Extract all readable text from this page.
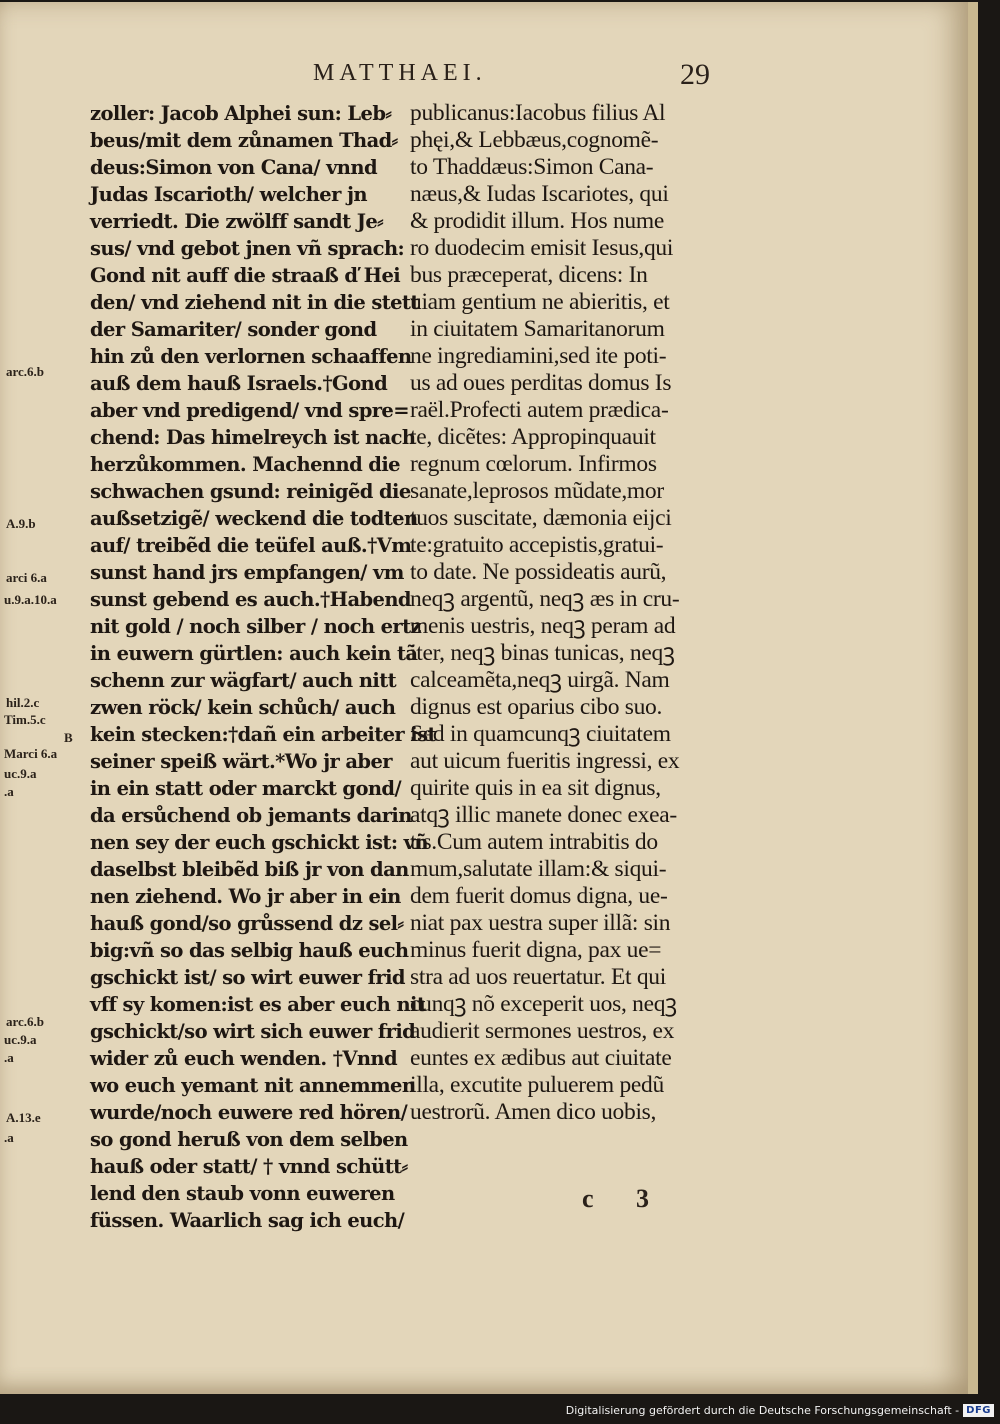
MATTHAEI.	29
zoller: Jacob Alphei sun: Leb⸗
beus/mit dem zůnamen Thad⸗
deus:Simon von Cana/ vnnd
Judas Iscarioth/ welcher jn
verriedt. Die zwölff sandt Je⸗
sus/ vnd gebot jnen vñ sprach:
Gond nit auff die straaß ď Hei
den/ vnd ziehend nit in die stett
der Samariter/ sonder gond
hin zů den verlornen schaaffen
auß dem hauß Israels.†Gond
aber vnd predigend/ vnd spre=
chend: Das himelreych ist nach
herzůkommen. Machennd die
schwachen gsund: reinigẽd die
außsetzigẽ/ weckend die todten
auf/ treibẽd die teüfel auß.†Vm
sunst hand jrs empfangen/ vm
sunst gebend es auch.†Habend
nit gold / noch silber / noch ertz
in euwern gürtlen: auch kein tã
schenn zur wägfart/ auch nitt
zwen röck/ kein schůch/ auch
kein stecken:†dañ ein arbeiter ist
seiner speiß wärt.*Wo jr aber
in ein statt oder marckt gond/
da ersůchend ob jemants darin
nen sey der euch gschickt ist: vñ
daselbst bleibẽd biß jr von dan
nen ziehend. Wo jr aber in ein
hauß gond/so grůssend dz sel⸗
big:vñ so das selbig hauß euch
gschickt ist/ so wirt euwer frid
vff sy komen:ist es aber euch nit
gschickt/so wirt sich euwer frid
wider zů euch wenden. †Vnnd
wo euch yemant nit annemmen
wurde/noch euwere red hören/
so gond heruß von dem selben
hauß oder statt/ † vnnd schütt⸗
lend den staub vonn euweren
füssen. Waarlich sag ich euch/
publicanus:Iacobus filius Al
phęi,& Lebbæus,cognomẽ-
to Thaddæus:Simon Cana-
næus,& Iudas Iscariotes, qui
& prodidit illum. Hos nume
ro duodecim emisit Iesus,qui
bus præceperat, dicens: In
uiam gentium ne abieritis, et
in ciuitatem Samaritanorum
ne ingrediamini,sed ite poti-
us ad oues perditas domus Is
raël.Profecti autem prædica-
te, dicẽtes: Appropinquauit
regnum cœlorum. Infirmos
sanate,leprosos mũdate,mor
tuos suscitate, dæmonia eijci
te:gratuito accepistis,gratui-
to date. Ne possideatis aurũ,
neqꝫ argentũ, neqꝫ æs in cru-
menis uestris, neqꝫ peram ad
iter, neqꝫ binas tunicas, neqꝫ
calceamẽta,neqꝫ uirgã. Nam
dignus est oparius cibo suo.
Sed in quamcunqꝫ ciuitatem
aut uicum fueritis ingressi, ex
quirite quis in ea sit dignus,
atqꝫ illic manete donec exea-
tis.Cum autem intrabitis do
mum,salutate illam:& siqui-
dem fuerit domus digna, ue-
niat pax uestra super illã: sin
minus fuerit digna, pax ue=
stra ad uos reuertatur. Et qui
cunqꝫ nõ exceperit uos, neqꝫ
audierit sermones uestros, ex
euntes ex ædibus aut ciuitate
illa, excutite puluerem pedũ
uestrorũ. Amen dico uobis,
arc.6.b
A.9.b
arci 6.a
u.9.a.10.a
hil.2.c
Tim.5.c
Marci 6.a
B
uc.9.a
.a
arc.6.b
uc.9.a
.a
A.13.e
.a
c 3
Digitalisierung gefördert durch die Deutsche Forschungsgemeinschaft - DFG
